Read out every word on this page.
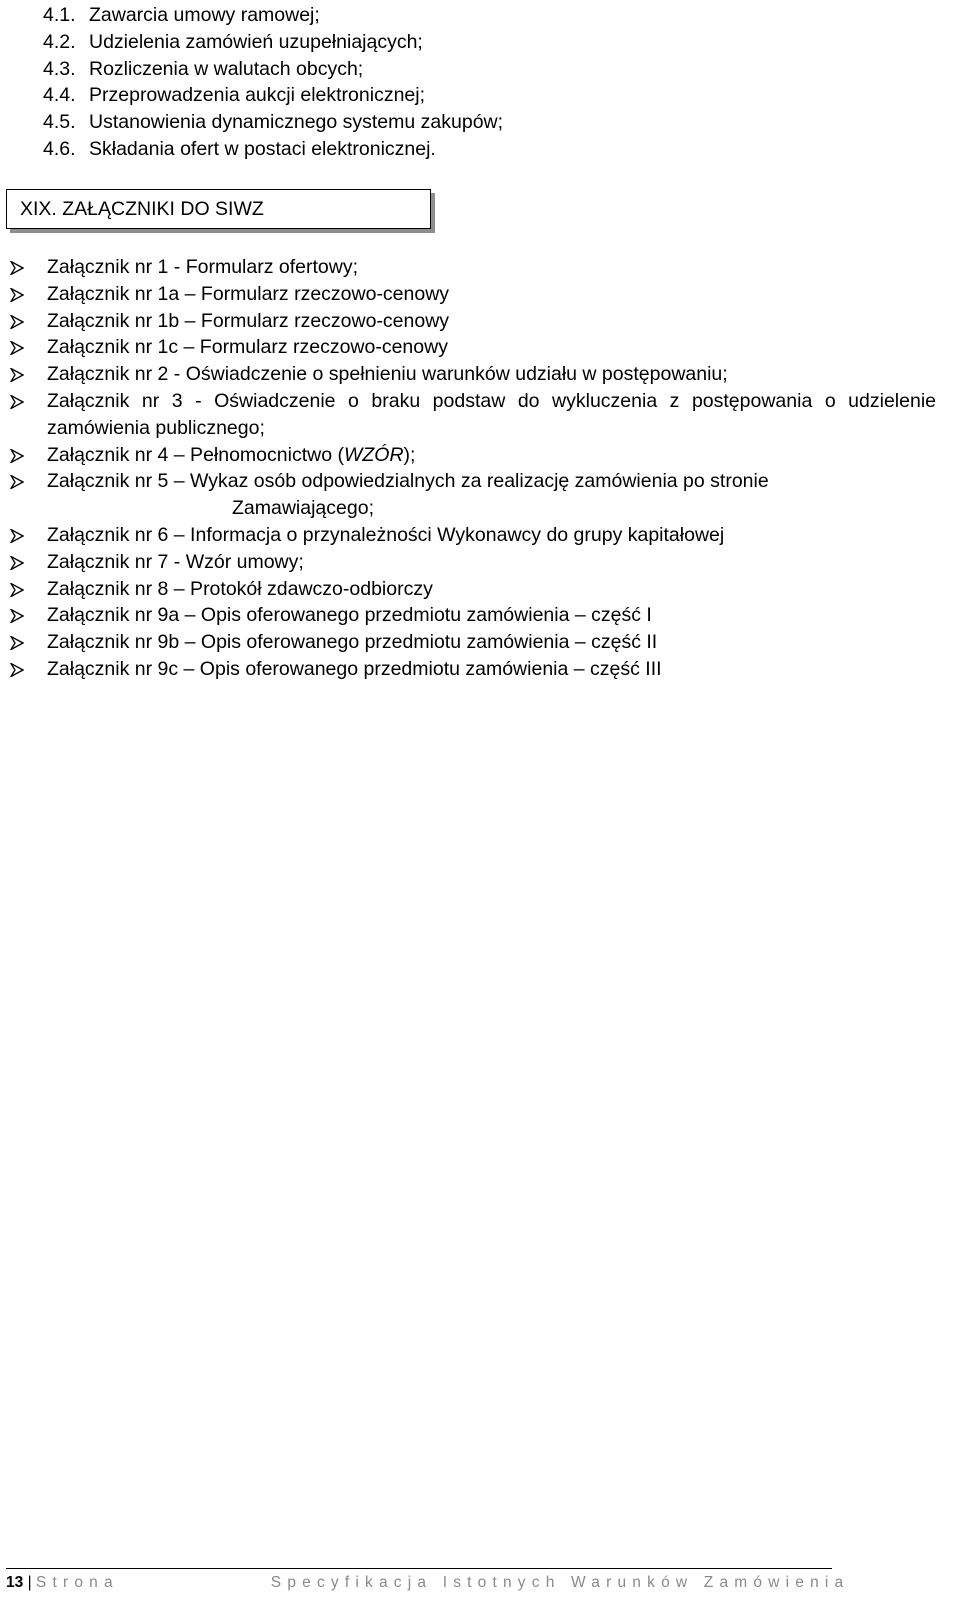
4.1. Zawarcia umowy ramowej;
4.2. Udzielenia zamówień uzupełniających;
4.3. Rozliczenia w walutach obcych;
4.4. Przeprowadzenia aukcji elektronicznej;
4.5. Ustanowienia dynamicznego systemu zakupów;
4.6. Składania ofert w postaci elektronicznej.
XIX. ZAŁĄCZNIKI DO SIWZ
Załącznik nr 1 - Formularz ofertowy;
Załącznik nr 1a – Formularz rzeczowo-cenowy
Załącznik nr 1b – Formularz rzeczowo-cenowy
Załącznik nr 1c – Formularz rzeczowo-cenowy
Załącznik nr 2 - Oświadczenie o spełnieniu warunków udziału w postępowaniu;
Załącznik nr 3 - Oświadczenie o braku podstaw do wykluczenia z postępowania o udzielenie zamówienia publicznego;
Załącznik nr 4 – Pełnomocnictwo (WZÓR);
Załącznik nr 5 – Wykaz osób odpowiedzialnych za realizację zamówienia po stronie
Zamawiającego;
Załącznik nr 6 – Informacja o przynależności Wykonawcy do grupy kapitałowej
Załącznik nr 7 - Wzór umowy;
Załącznik nr 8 – Protokół zdawczo-odbiorczy
Załącznik nr 9a – Opis oferowanego przedmiotu zamówienia – część I
Załącznik nr 9b – Opis oferowanego przedmiotu zamówienia – część II
Załącznik nr 9c – Opis oferowanego przedmiotu zamówienia – część III
13 | Strona	Specyfikacja Istotnych Warunków Zamówienia
